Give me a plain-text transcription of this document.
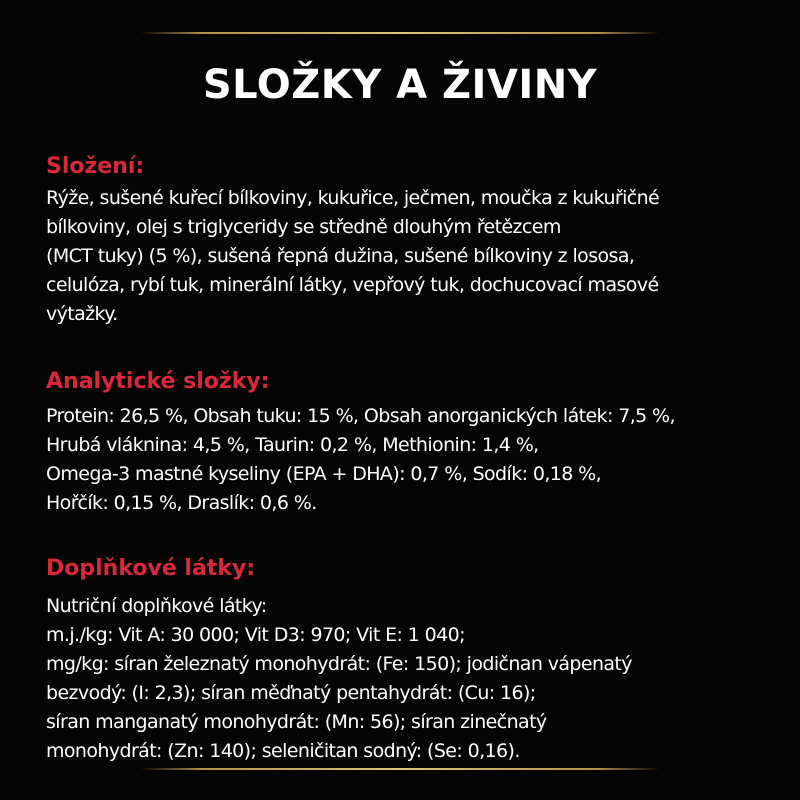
SLOŽKY A ŽIVINY
Složení:

Rýže, sušené kuřecí bílkoviny, kukuřice, ječmen, moučka z kukuřičné
bílkoviny, olej s triglyceridy se středně dlouhým řetězcem
(MCT tuky) (5 %), sušená řepná dužina, sušené bílkoviny z lososa,
celulóza, rybí tuk, minerální látky, vepřový tuk, dochucovací masové
výtažky.

Analytické složky:

Protein: 26,5 %, Obsah tuku: 15 %, Obsah anorganických látek: 7,5 %,
Hrubá vláknina: 4,5 %, Taurin: 0,2 %, Methionin: 1,4 %,
Omega-3 mastné kyseliny (EPA + DHA): 0,7 %, Sodík: 0,18 %,
Hořčík: 0,15 %, Draslík: 0,6 %.

Doplňkové látky:

Nutriční doplňkové látky:
m.j./kg: Vit A: 30 000; Vit D3: 970; Vit E: 1 040;
mg/kg: síran železnatý monohydrát: (Fe: 150); jodičnan vápenatý
bezvodý: (I: 2,3); síran měďnatý pentahydrát: (Cu: 16);
síran manganatý monohydrát: (Mn: 56); síran zinečnatý
monohydrát: (Zn: 140); seleničitan sodný: (Se: 0,16).
